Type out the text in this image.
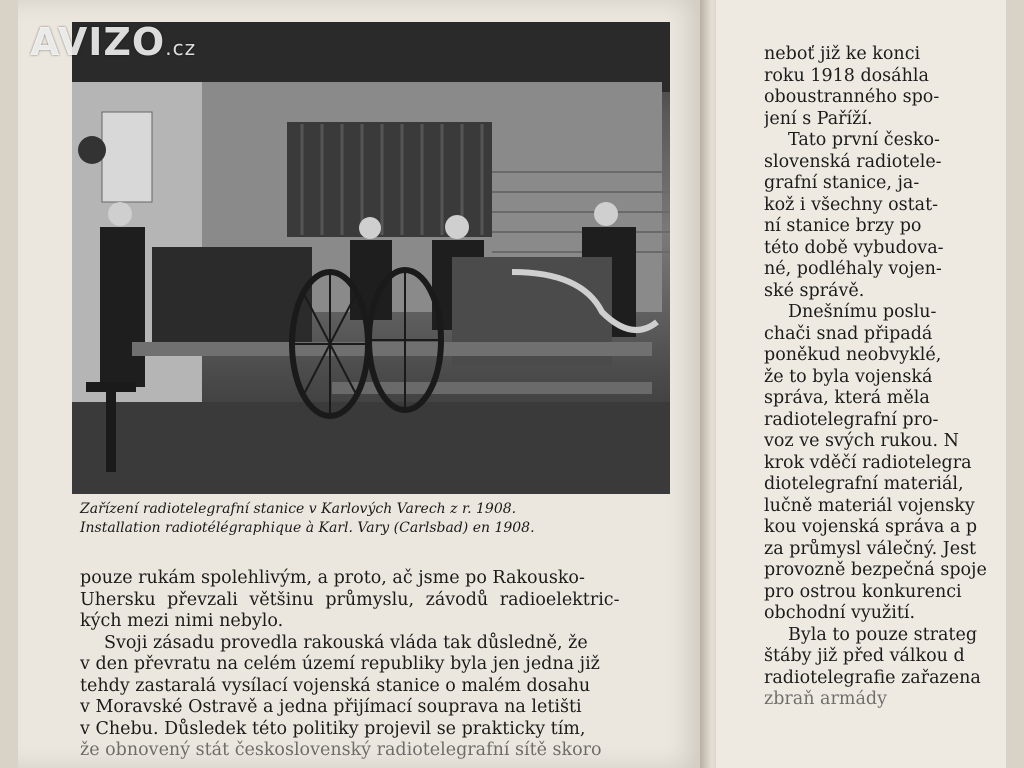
Zařízení radiotelegrafní stanice v Karlových Varech z r. 1908.
Installation radiotélégraphique à Karl. Vary (Carlsbad) en 1908.
pouze rukám spolehlivým, a proto, ač jsme po Rakousko-
Uhersku převzali většinu průmyslu, závodů radioelektric-
kých mezi nimi nebylo.
Svoji zásadu provedla rakouská vláda tak důsledně, že
v den převratu na celém území republiky byla jen jedna již
tehdy zastaralá vysílací vojenská stanice o malém dosahu
v Moravské Ostravě a jedna přijímací souprava na letišti
v Chebu. Důsledek této politiky projevil se prakticky tím,
že obnovený stát československý radiotelegrafní sítě skoro
neboť již ke konci
roku 1918 dosáhla
oboustranného spo-
jení s Paříží.
Tato první česko-
slovenská radiotele-
grafní stanice, ja-
kož i všechny ostat-
ní stanice brzy po
této době vybudova-
né, podléhaly vojen-
ské správě.
Dnešnímu poslu-
chači snad připadá
poněkud neobvyklé,
že to byla vojenská
správa, která měla
radiotelegrafní pro-
voz ve svých rukou. N
krok vděčí radiotelegra
diotelegrafní materiál,
lučně materiál vojensky
kou vojenská správa a p
za průmysl válečný. Jest
provozně bezpečná spoje
pro ostrou konkurenci
obchodní využití.
Byla to pouze strateg
štáby již před válkou d
radiotelegrafie zařazena
zbraň armády
AVIZO.cz
